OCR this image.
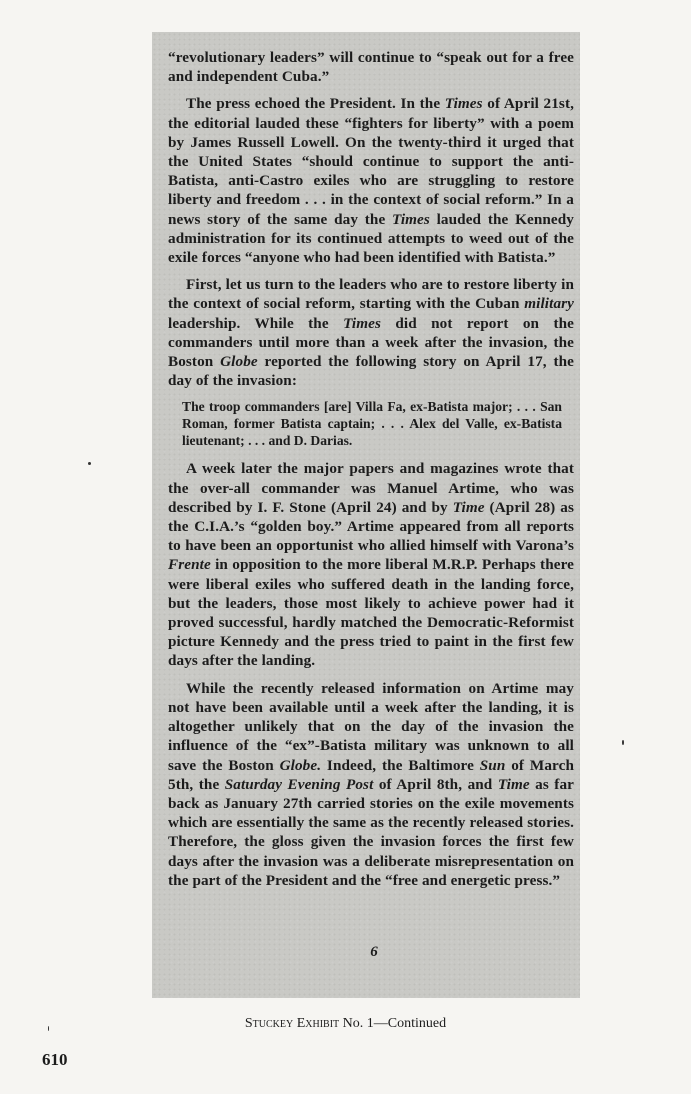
“revolutionary leaders” will continue to “speak out for a free and independent Cuba.”

The press echoed the President. In the Times of April 21st, the editorial lauded these “fighters for liberty” with a poem by James Russell Lowell. On the twenty-third it urged that the United States “should continue to support the anti-Batista, anti-Castro exiles who are struggling to restore liberty and freedom . . . in the context of social reform.” In a news story of the same day the Times lauded the Kennedy administration for its continued attempts to weed out of the exile forces “anyone who had been identified with Batista.”

First, let us turn to the leaders who are to restore liberty in the context of social reform, starting with the Cuban military leadership. While the Times did not report on the commanders until more than a week after the invasion, the Boston Globe reported the following story on April 17, the day of the invasion:

The troop commanders [are] Villa Fa, ex-Batista major; . . . San Roman, former Batista captain; . . . Alex del Valle, ex-Batista lieutenant; . . . and D. Darias.

A week later the major papers and magazines wrote that the over-all commander was Manuel Artime, who was described by I. F. Stone (April 24) and by Time (April 28) as the C.I.A.’s “golden boy.” Artime appeared from all reports to have been an opportunist who allied himself with Varona’s Frente in opposition to the more liberal M.R.P. Perhaps there were liberal exiles who suffered death in the landing force, but the leaders, those most likely to achieve power had it proved successful, hardly matched the Democratic-Reformist picture Kennedy and the press tried to paint in the first few days after the landing.

While the recently released information on Artime may not have been available until a week after the landing, it is altogether unlikely that on the day of the invasion the influence of the “ex”-Batista military was unknown to all save the Boston Globe. Indeed, the Baltimore Sun of March 5th, the Saturday Evening Post of April 8th, and Time as far back as January 27th carried stories on the exile movements which are essentially the same as the recently released stories. Therefore, the gloss given the invasion forces the first few days after the invasion was a deliberate misrepresentation on the part of the President and the “free and energetic press.”

6
Stuckey Exhibit No. 1—Continued
610
